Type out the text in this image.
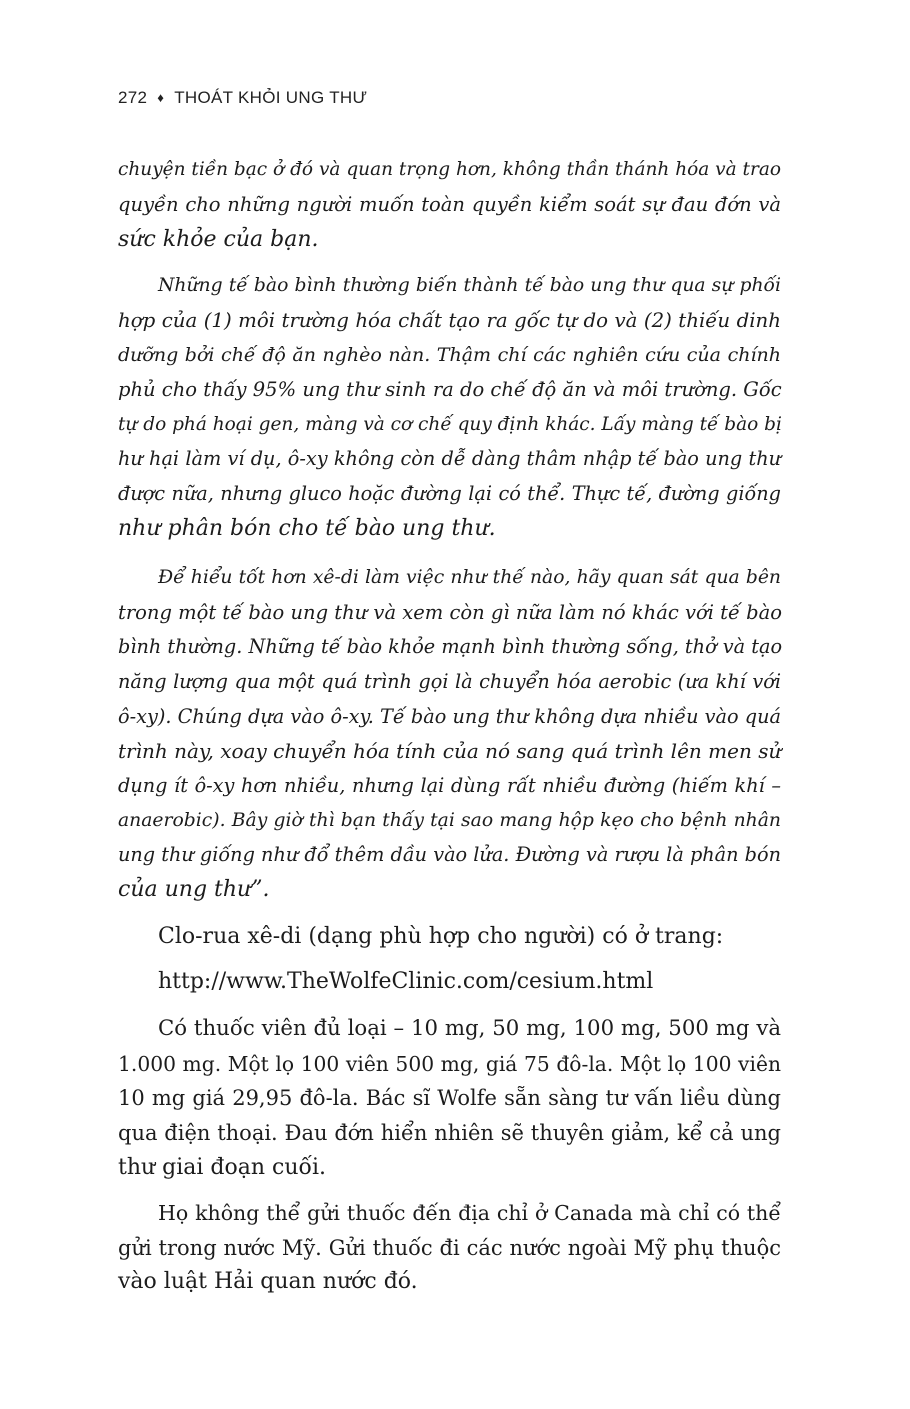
272 ♦ THOÁT KHỎI UNG THƯ
chuyện tiền bạc ở đó và quan trọng hơn, không thần thánh hóa và trao
quyền cho những người muốn toàn quyền kiểm soát sự đau đớn và
sức khỏe của bạn.
Những tế bào bình thường biến thành tế bào ung thư qua sự phối
hợp của (1) môi trường hóa chất tạo ra gốc tự do và (2) thiếu dinh
dưỡng bởi chế độ ăn nghèo nàn. Thậm chí các nghiên cứu của chính
phủ cho thấy 95% ung thư sinh ra do chế độ ăn và môi trường. Gốc
tự do phá hoại gen, màng và cơ chế quy định khác. Lấy màng tế bào bị
hư hại làm ví dụ, ô-xy không còn dễ dàng thâm nhập tế bào ung thư
được nữa, nhưng gluco hoặc đường lại có thể. Thực tế, đường giống
như phân bón cho tế bào ung thư.
Để hiểu tốt hơn xê-di làm việc như thế nào, hãy quan sát qua bên
trong một tế bào ung thư và xem còn gì nữa làm nó khác với tế bào
bình thường. Những tế bào khỏe mạnh bình thường sống, thở và tạo
năng lượng qua một quá trình gọi là chuyển hóa aerobic (ưa khí với
ô-xy). Chúng dựa vào ô-xy. Tế bào ung thư không dựa nhiều vào quá
trình này, xoay chuyển hóa tính của nó sang quá trình lên men sử
dụng ít ô-xy hơn nhiều, nhưng lại dùng rất nhiều đường (hiếm khí –
anaerobic). Bây giờ thì bạn thấy tại sao mang hộp kẹo cho bệnh nhân
ung thư giống như đổ thêm dầu vào lửa. Đường và rượu là phân bón
của ung thư”.
Clo-rua xê-di (dạng phù hợp cho người) có ở trang:
http://www.TheWolfeClinic.com/cesium.html
Có thuốc viên đủ loại – 10 mg, 50 mg, 100 mg, 500 mg và
1.000 mg. Một lọ 100 viên 500 mg, giá 75 đô-la. Một lọ 100 viên
10 mg giá 29,95 đô-la. Bác sĩ Wolfe sẵn sàng tư vấn liều dùng
qua điện thoại. Đau đớn hiển nhiên sẽ thuyên giảm, kể cả ung
thư giai đoạn cuối.
Họ không thể gửi thuốc đến địa chỉ ở Canada mà chỉ có thể
gửi trong nước Mỹ. Gửi thuốc đi các nước ngoài Mỹ phụ thuộc
vào luật Hải quan nước đó.
